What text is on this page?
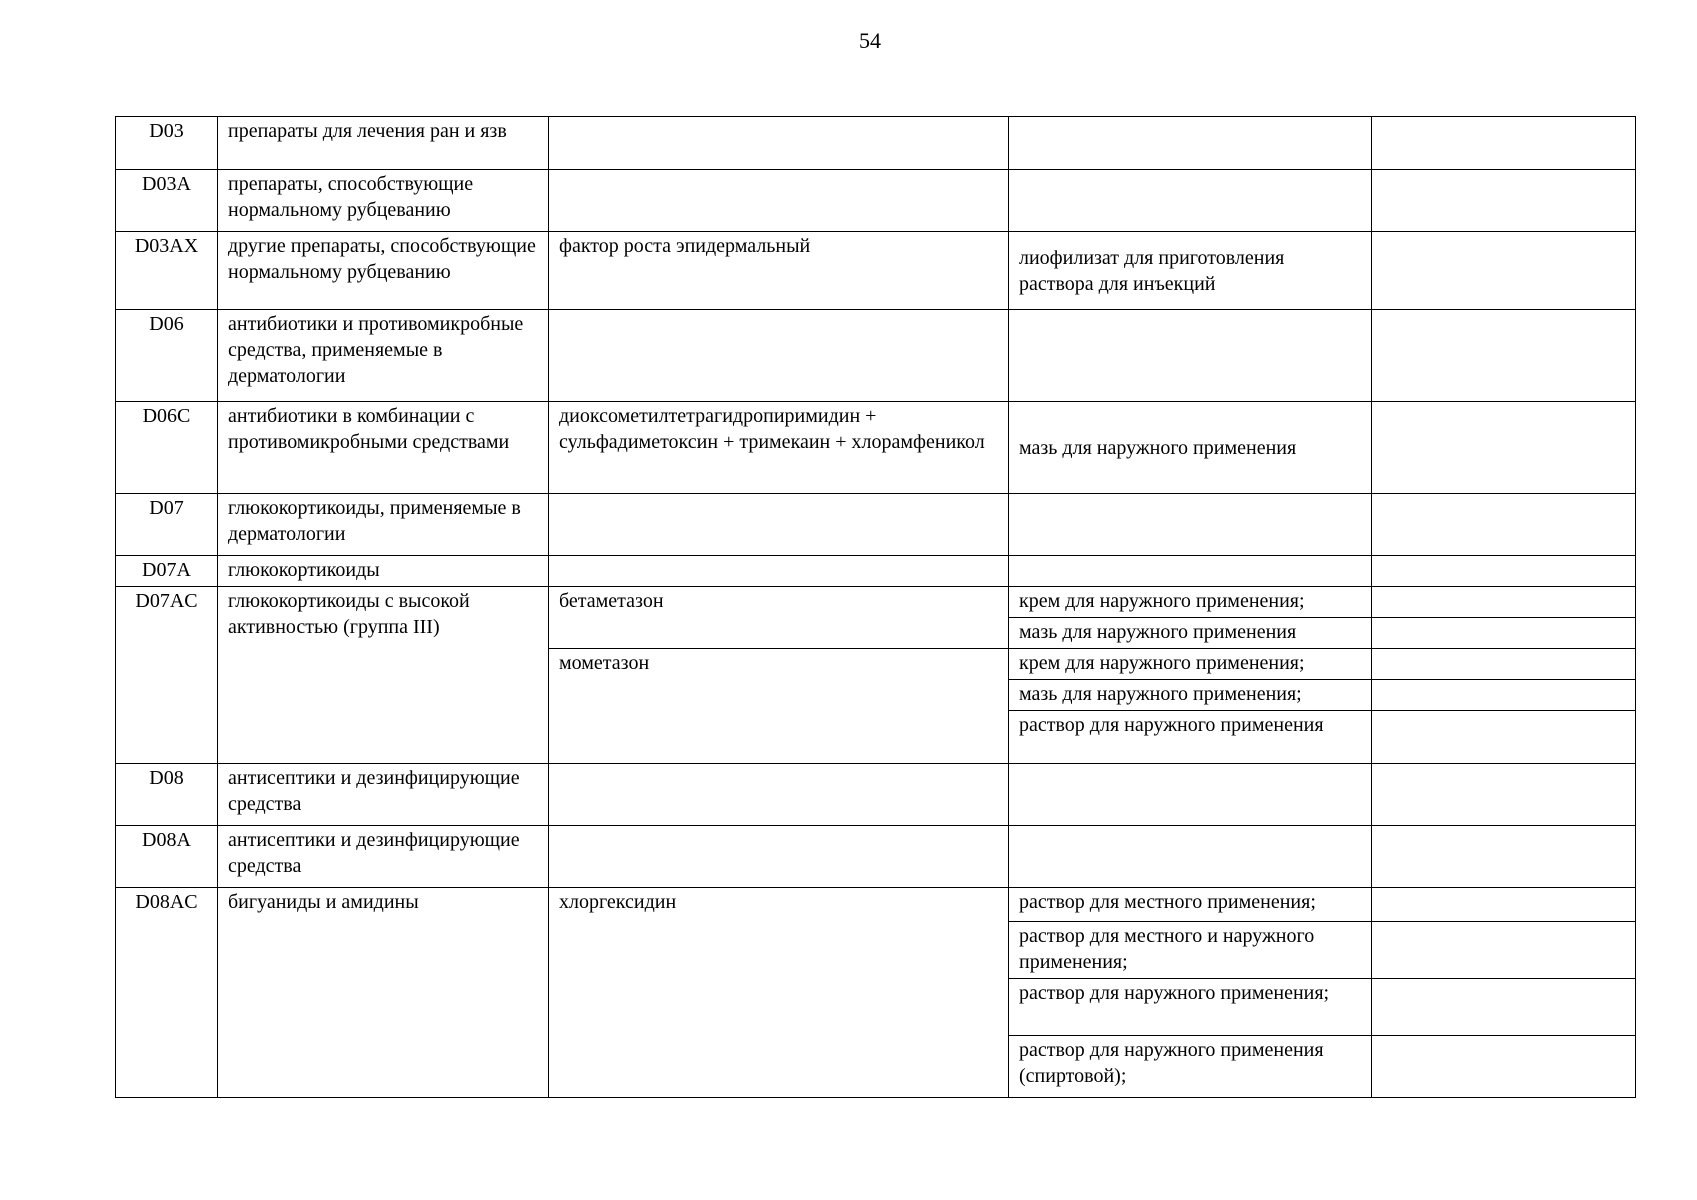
54
D03	препараты для лечения ран и язв			
D03A	препараты, способствующие нормальному рубцеванию			
D03AX	другие препараты, способствующие нормальному рубцеванию	фактор роста эпидермальный	лиофилизат для приготовления раствора для инъекций	
D06	антибиотики и противомикробные средства, применяемые в дерматологии			
D06C	антибиотики в комбинации с противомикробными средствами	диоксометилтетрагидропиримидин + сульфадиметоксин + тримекаин + хлорамфеникол	мазь для наружного применения	
D07	глюкокортикоиды, применяемые в дерматологии			
D07A	глюкокортикоиды			
D07AC	глюкокортикоиды с высокой активностью (группа III)	бетаметазон	крем для наружного применения;	
			мазь для наружного применения	
		мометазон	крем для наружного применения;	
			мазь для наружного применения;	
			раствор для наружного применения	
D08	антисептики и дезинфицирующие средства			
D08A	антисептики и дезинфицирующие средства			
D08AC	бигуаниды и амидины	хлоргексидин	раствор для местного применения;	
			раствор для местного и наружного применения;	
			раствор для наружного применения;	
			раствор для наружного применения (спиртовой);	
